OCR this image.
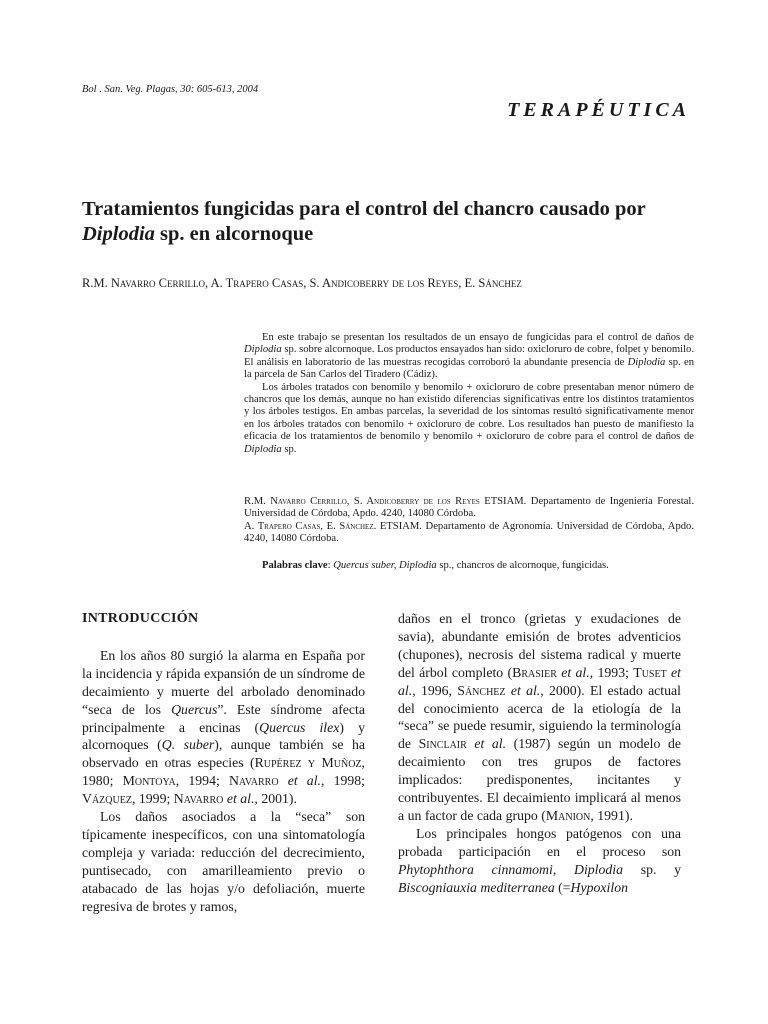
Bol . San. Veg. Plagas, 30: 605-613, 2004
TERAPÉUTICA
Tratamientos fungicidas para el control del chancro causado por Diplodia sp. en alcornoque
R.M. Navarro Cerrillo, A. Trapero Casas, S. Andicoberry de los Reyes, E. Sánchez

En este trabajo se presentan los resultados de un ensayo de fungicidas para el control de daños de Diplodia sp. sobre alcornoque. Los productos ensayados han sido: oxicloruro de cobre, folpet y benomilo. El análisis en laboratorio de las muestras recogidas corroboró la abundante presencia de Diplodia sp. en la parcela de San Carlos del Tiradero (Cádiz).

Los árboles tratados con benomilo y benomilo + oxicloruro de cobre presentaban menor número de chancros que los demás, aunque no han existido diferencias significativas entre los distintos tratamientos y los árboles testigos. En ambas parcelas, la severidad de los síntomas resultó significativamente menor en los árboles tratados con benomilo + oxicloruro de cobre. Los resultados han puesto de manifiesto la eficacia de los tratamientos de benomilo y benomilo + oxicloruro de cobre para el control de daños de Diplodia sp.

R.M. Navarro Cerrillo, S. Andicoberry de los Reyes ETSIAM. Departamento de Ingeniería Forestal. Universidad de Córdoba, Apdo. 4240, 14080 Córdoba.

A. Trapero Casas, E. Sánchez. ETSIAM. Departamento de Agronomía. Universidad de Córdoba, Apdo. 4240, 14080 Córdoba.

Palabras clave: Quercus suber, Diplodia sp., chancros de alcornoque, fungicidas.
INTRODUCCIÓN

En los años 80 surgió la alarma en España por la incidencia y rápida expansión de un síndrome de decaimiento y muerte del arbolado denominado “seca de los Quercus”. Este síndrome afecta principalmente a encinas (Quercus ilex) y alcornoques (Q. suber), aunque también se ha observado en otras especies (Rupérez y Muñoz, 1980; Montoya, 1994; Navarro et al., 1998; Vázquez, 1999; Navarro et al., 2001).

Los daños asociados a la “seca” son típicamente inespecíficos, con una sintomatología compleja y variada: reducción del decrecimiento, puntisecado, con amarilleamiento previo o atabacado de las hojas y/o defoliación, muerte regresiva de brotes y ramos,

daños en el tronco (grietas y exudaciones de savia), abundante emisión de brotes adventicios (chupones), necrosis del sistema radical y muerte del árbol completo (Brasier et al., 1993; Tuset et al., 1996, Sánchez et al., 2000). El estado actual del conocimiento acerca de la etiología de la “seca” se puede resumir, siguiendo la terminología de Sinclair et al. (1987) según un modelo de decaimiento con tres grupos de factores implicados: predisponentes, incitantes y contribuyentes. El decaimiento implicará al menos a un factor de cada grupo (Manion, 1991).

Los principales hongos patógenos con una probada participación en el proceso son Phytophthora cinnamomi, Diplodia sp. y Biscogniauxia mediterranea (=Hypoxilon
